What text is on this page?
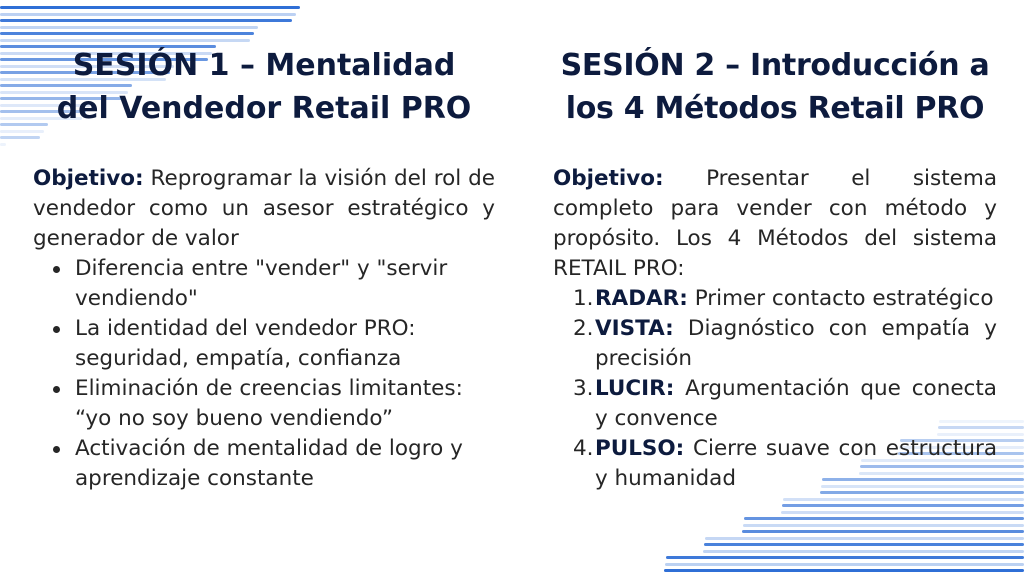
SESIÓN 1 – Mentalidad
del Vendedor Retail PRO
Objetivo: Reprogramar la visión del rol de vendedor como un asesor estratégico y generador de valor
Diferencia entre "vender" y "servir vendiendo"
La identidad del vendedor PRO: seguridad, empatía, confianza
Eliminación de creencias limitantes: “yo no soy bueno vendiendo”
Activación de mentalidad de logro y aprendizaje constante
SESIÓN 2 – Introducción a
los 4 Métodos Retail PRO
Objetivo: Presentar el sistema completo para vender con método y propósito. Los 4 Métodos del sistema RETAIL PRO:
1. RADAR: Primer contacto estratégico
2. VISTA: Diagnóstico con empatía y precisión
3. LUCIR: Argumentación que conecta y convence
4. PULSO: Cierre suave con estructura y humanidad
